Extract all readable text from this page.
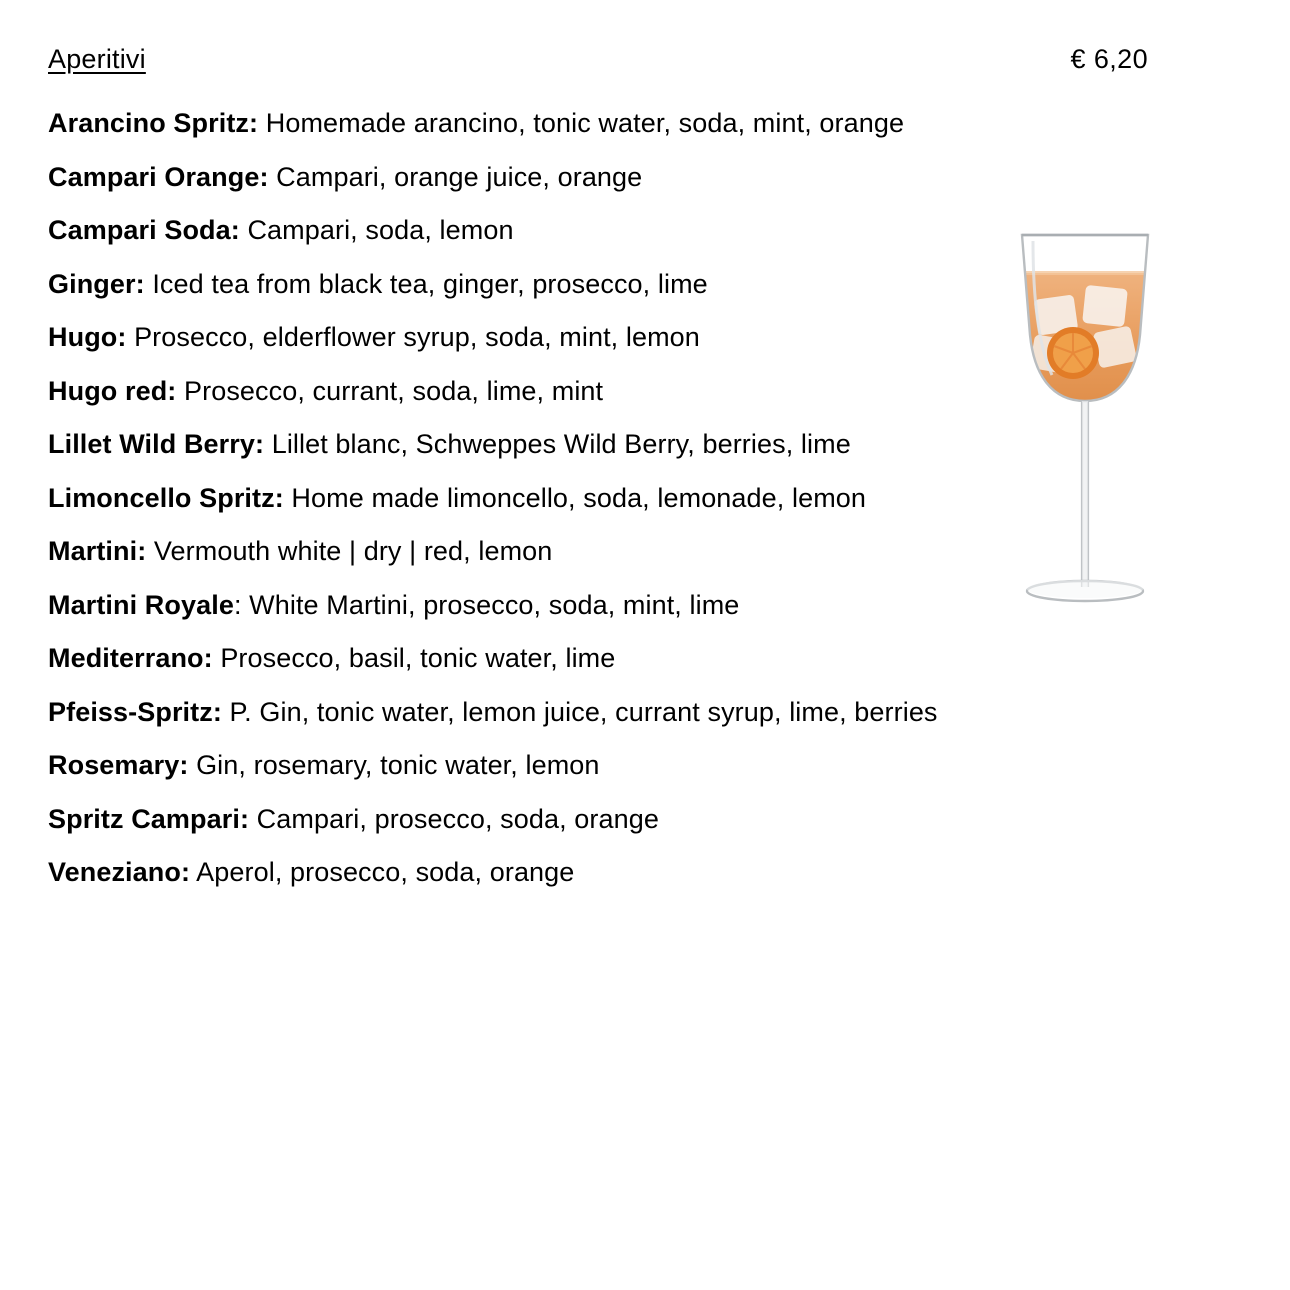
Aperitivi	€ 6,20
Arancino Spritz: Homemade arancino, tonic water, soda, mint, orange
Campari Orange: Campari, orange juice, orange
Campari Soda: Campari, soda, lemon
Ginger: Iced tea from black tea, ginger, prosecco, lime
Hugo: Prosecco, elderflower syrup, soda, mint, lemon
Hugo red: Prosecco, currant, soda, lime, mint
Lillet Wild Berry: Lillet blanc, Schweppes Wild Berry, berries, lime
Limoncello Spritz: Home made limoncello, soda, lemonade, lemon
Martini: Vermouth white | dry | red, lemon
Martini Royale: White Martini, prosecco, soda, mint, lime
Mediterrano: Prosecco, basil, tonic water, lime
Pfeiss-Spritz: P. Gin, tonic water, lemon juice, currant syrup, lime, berries
Rosemary: Gin, rosemary, tonic water, lemon
Spritz Campari: Campari, prosecco, soda, orange
Veneziano: Aperol, prosecco, soda, orange
